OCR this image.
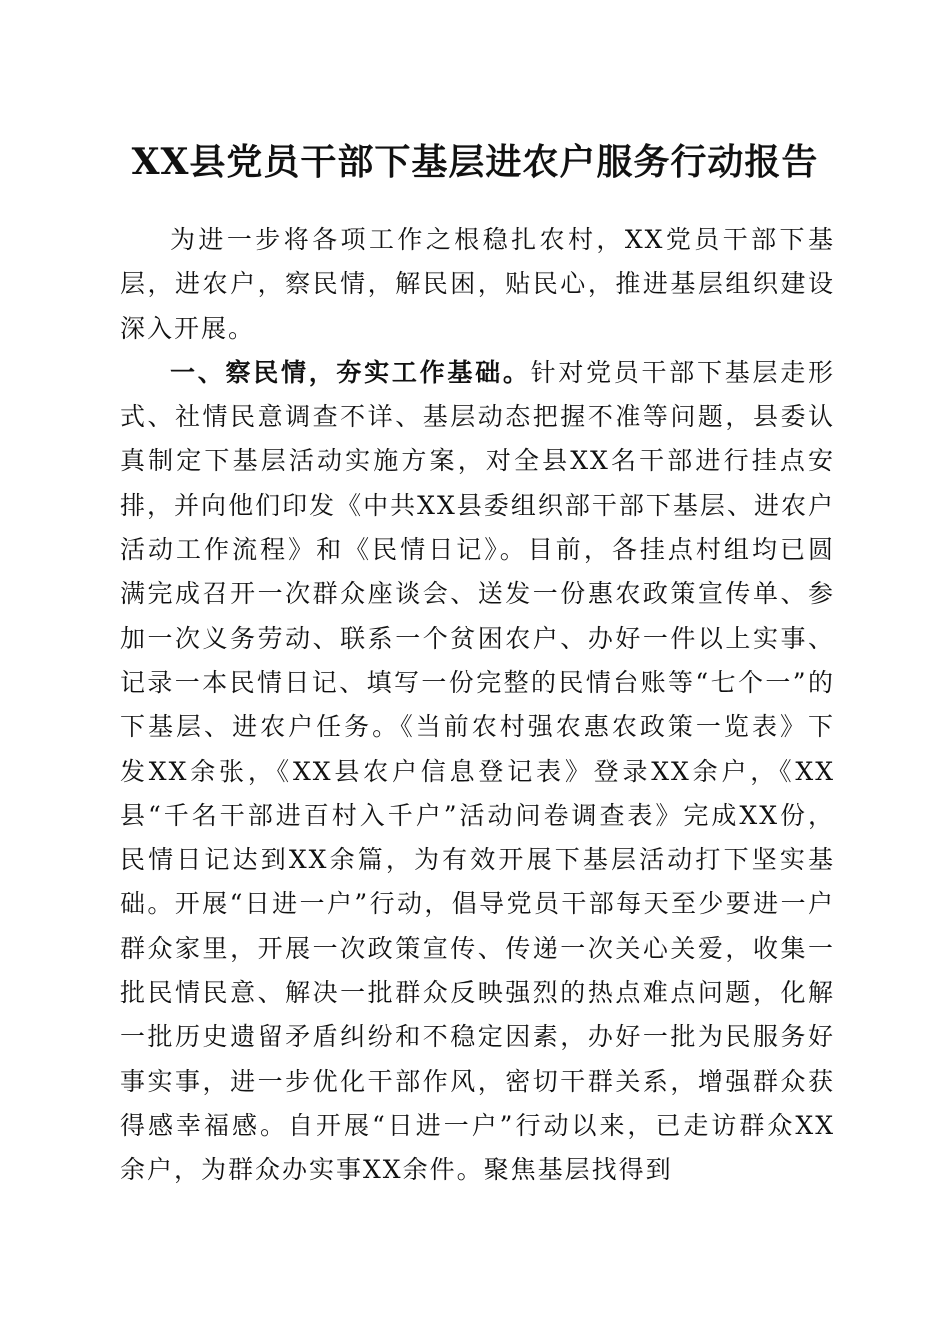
XX县党员干部下基层进农户服务行动报告

为进一步将各项工作之根稳扎农村，XX党员干部下基层，进农户，察民情，解民困，贴民心，推进基层组织建设深入开展。

一、察民情，夯实工作基础。针对党员干部下基层走形式、社情民意调查不详、基层动态把握不准等问题，县委认真制定下基层活动实施方案，对全县XX名干部进行挂点安排，并向他们印发《中共XX县委组织部干部下基层、进农户活动工作流程》和《民情日记》。目前，各挂点村组均已圆满完成召开一次群众座谈会、送发一份惠农政策宣传单、参加一次义务劳动、联系一个贫困农户、办好一件以上实事、记录一本民情日记、填写一份完整的民情台账等“七个一”的下基层、进农户任务。《当前农村强农惠农政策一览表》下发XX余张，《XX县农户信息登记表》登录XX余户，《XX县“千名干部进百村入千户”活动问卷调查表》完成XX份，民情日记达到XX余篇，为有效开展下基层活动打下坚实基础。开展“日进一户”行动，倡导党员干部每天至少要进一户群众家里，开展一次政策宣传、传递一次关心关爱，收集一批民情民意、解决一批群众反映强烈的热点难点问题，化解一批历史遗留矛盾纠纷和不稳定因素，办好一批为民服务好事实事，进一步优化干部作风，密切干群关系，增强群众获得感幸福感。自开展“日进一户”行动以来，已走访群众XX余户，为群众办实事XX余件。聚焦基层找得到
